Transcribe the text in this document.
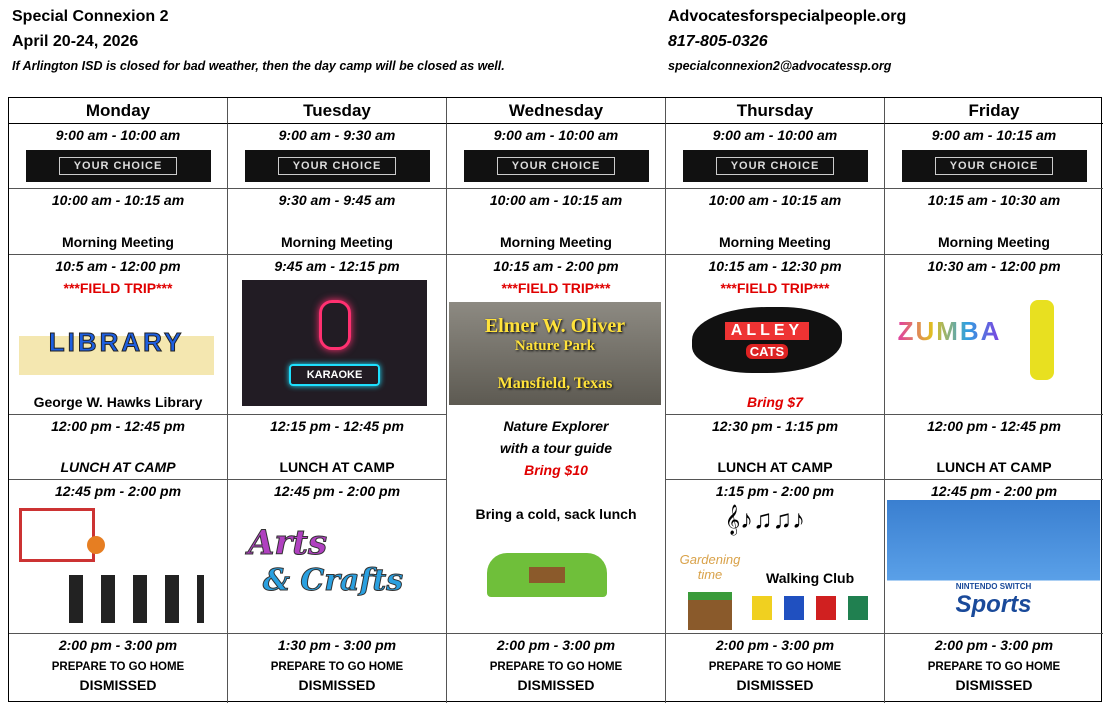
Special Connexion 2
April 20-24, 2026
If Arlington ISD is closed for bad weather, then the day camp will be closed as well.
Advocatesforspecialpeople.org
817-805-0326
specialconnexion2@advocatessp.org
Monday	Tuesday	Wednesday	Thursday	Friday
9:00 am - 10:00 am
YOUR CHOICE
9:00 am - 9:30 am
YOUR CHOICE
9:00 am - 10:00 am
YOUR CHOICE
9:00 am - 10:00 am
YOUR CHOICE
9:00 am - 10:15 am
YOUR CHOICE
10:00 am - 10:15 am
Morning Meeting
9:30 am - 9:45 am
Morning Meeting
10:00 am - 10:15 am
Morning Meeting
10:00 am - 10:15 am
Morning Meeting
10:15 am - 10:30 am
Morning Meeting
10:5 am - 12:00 pm
***FIELD TRIP***
LIBRARY
George W. Hawks Library
9:45 am - 12:15 pm
KARAOKE
10:15 am - 2:00 pm
***FIELD TRIP***
Elmer W. Oliver
Nature Park
Mansfield, Texas
Nature Explorer
with a tour guide
Bring $10
Bring a cold, sack lunch
10:15 am - 12:30 pm
***FIELD TRIP***
ALLEY
CATS
Bring $7
10:30 am - 12:00 pm
ZUMBA
12:00 pm - 12:45 pm
LUNCH AT CAMP
12:15 pm - 12:45 pm
LUNCH AT CAMP
12:30 pm - 1:15 pm
LUNCH AT CAMP
12:00 pm - 12:45 pm
LUNCH AT CAMP
12:45 pm - 2:00 pm	12:45 pm - 2:00 pm
Arts
& Crafts
1:15 pm - 2:00 pm
𝄞♪♫♫♪
Gardening time	Walking Club
12:45 pm - 2:00 pm
NINTENDO SWITCH
Sports
2:00 pm - 3:00 pm
PREPARE TO GO HOME
DISMISSED
1:30 pm - 3:00 pm
PREPARE TO GO HOME
DISMISSED
2:00 pm - 3:00 pm
PREPARE TO GO HOME
DISMISSED
2:00 pm - 3:00 pm
PREPARE TO GO HOME
DISMISSED
2:00 pm - 3:00 pm
PREPARE TO GO HOME
DISMISSED
